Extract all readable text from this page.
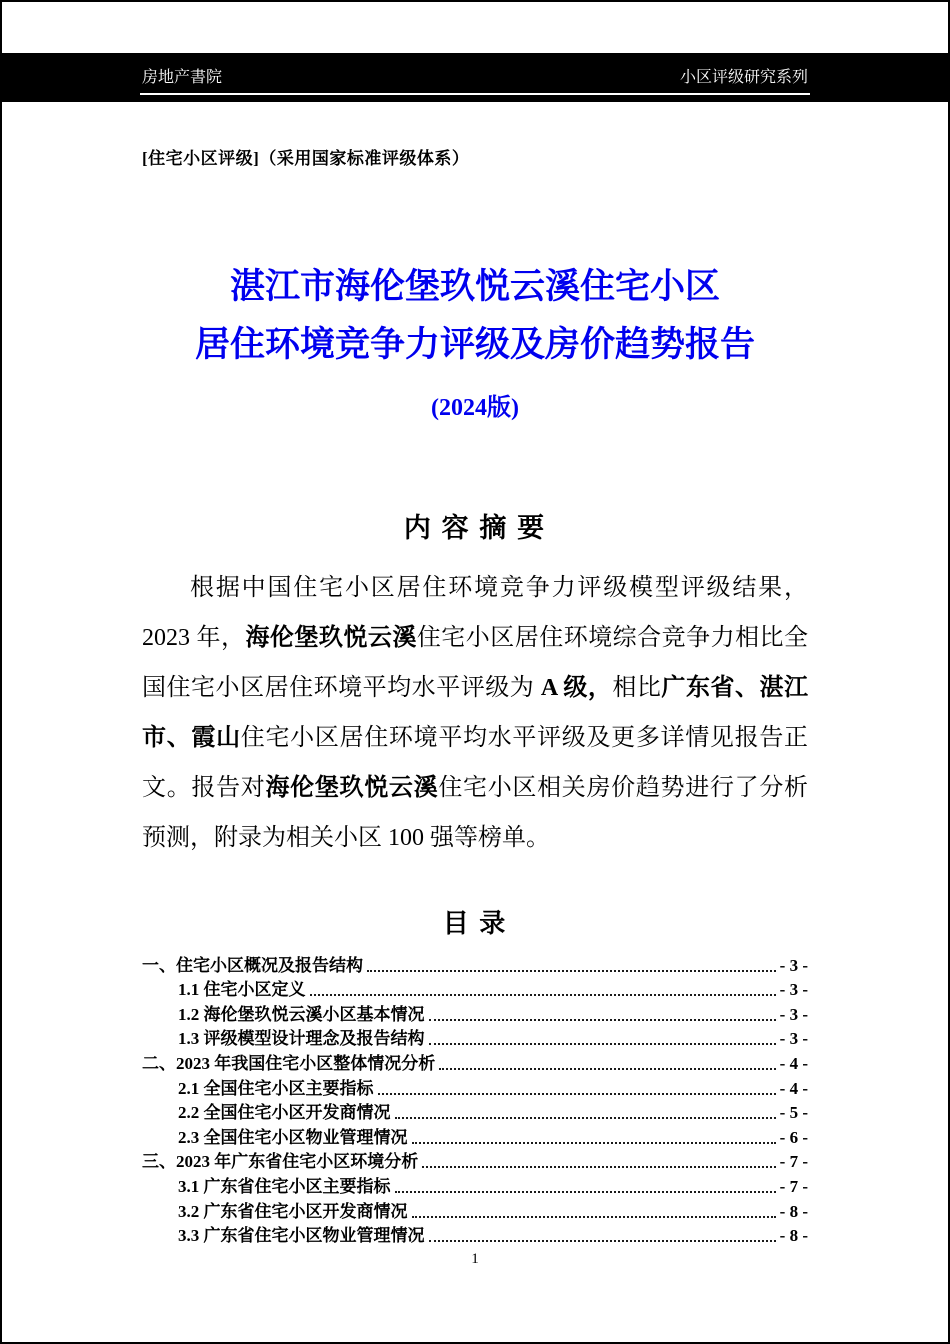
房地产書院	小区评级研究系列
[住宅小区评级]（采用国家标准评级体系）
湛江市海伦堡玖悦云溪住宅小区
居住环境竞争力评级及房价趋势报告
(2024版)
内 容 摘 要
根据中国住宅小区居住环境竞争力评级模型评级结果，2023 年，海伦堡玖悦云溪住宅小区居住环境综合竞争力相比全国住宅小区居住环境平均水平评级为 A 级，相比广东省、湛江市、霞山住宅小区居住环境平均水平评级及更多详情见报告正文。报告对海伦堡玖悦云溪住宅小区相关房价趋势进行了分析预测，附录为相关小区 100 强等榜单。
目 录
一、住宅小区概况及报告结构	- 3 -
1.1 住宅小区定义	- 3 -
1.2 海伦堡玖悦云溪小区基本情况	- 3 -
1.3 评级模型设计理念及报告结构	- 3 -
二、2023 年我国住宅小区整体情况分析	- 4 -
2.1 全国住宅小区主要指标	- 4 -
2.2 全国住宅小区开发商情况	- 5 -
2.3 全国住宅小区物业管理情况	- 6 -
三、2023 年广东省住宅小区环境分析	- 7 -
3.1 广东省住宅小区主要指标	- 7 -
3.2 广东省住宅小区开发商情况	- 8 -
3.3 广东省住宅小区物业管理情况	- 8 -
1
